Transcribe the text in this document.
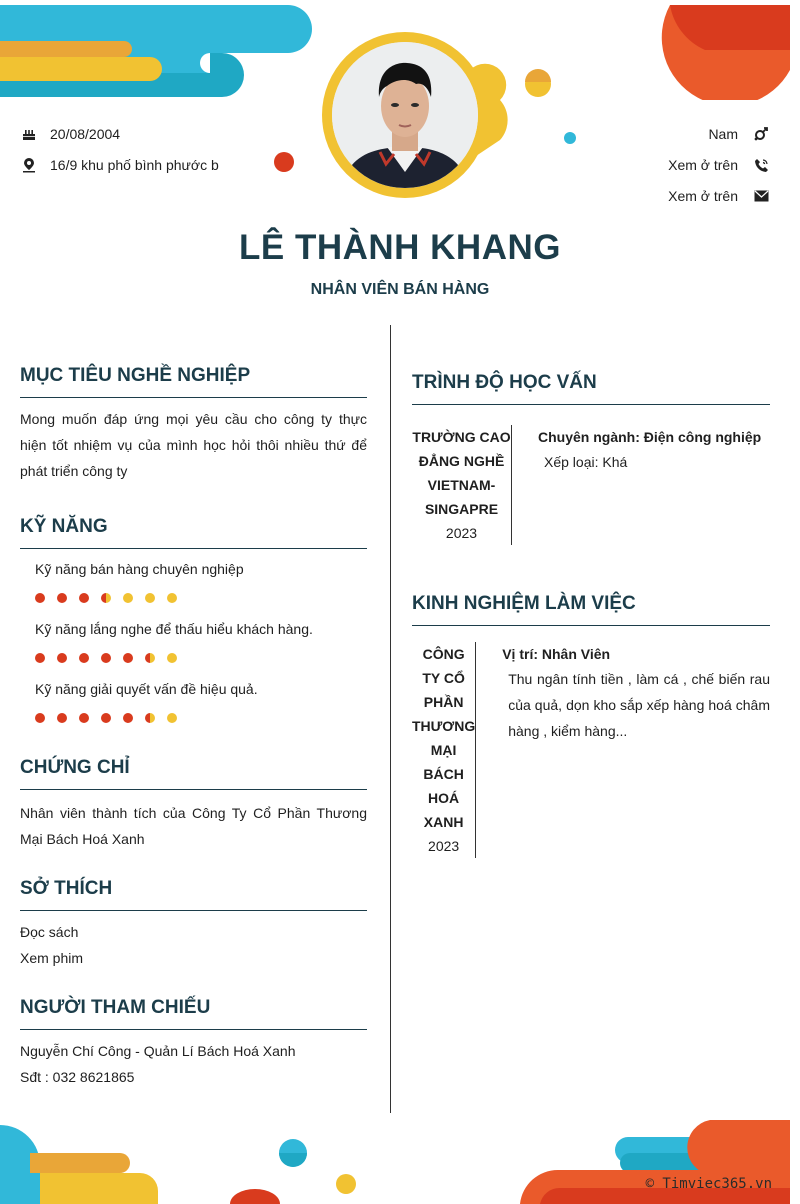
20/08/2004
16/9 khu phố bình phước b
Nam
Xem ở trên
Xem ở trên
LÊ THÀNH KHANG
NHÂN VIÊN BÁN HÀNG
MỤC TIÊU NGHỀ NGHIỆP
Mong muốn đáp ứng mọi yêu cầu cho công ty thực hiện tốt nhiệm vụ của mình học hỏi thôi nhiều thứ để phát triển công ty
KỸ NĂNG
Kỹ năng bán hàng chuyên nghiệp
Kỹ năng lắng nghe để thấu hiểu khách hàng.
Kỹ năng giải quyết vấn đề hiệu quả.
CHỨNG CHỈ
Nhân viên thành tích của Công Ty Cổ Phần Thương Mại Bách Hoá Xanh
SỞ THÍCH
Đọc sách
Xem phim
NGƯỜI THAM CHIẾU
Nguyễn Chí Công - Quản Lí Bách Hoá Xanh
Sđt : 032 8621865
TRÌNH ĐỘ HỌC VẤN
TRƯỜNG CAO ĐẲNG NGHỀ VIETNAM-SINGAPRE
2023
Chuyên ngành: Điện công nghiệp
Xếp loại: Khá
KINH NGHIỆM LÀM VIỆC
CÔNG TY CỔ PHẦN THƯƠNG MẠI BÁCH HOÁ XANH
2023
Vị trí: Nhân Viên
Thu ngân tính tiền , làm cá , chế biến rau của quả, dọn kho sắp xếp hàng hoá châm hàng , kiểm hàng...
© Timviec365.vn
